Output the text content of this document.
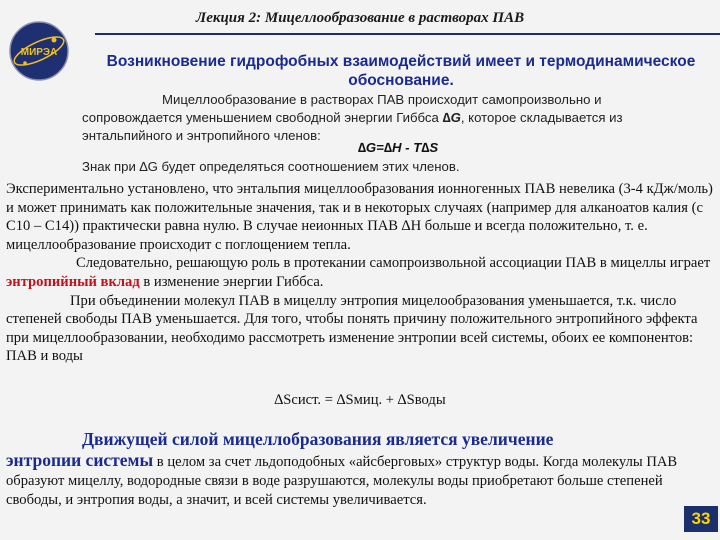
Лекция 2: Мицеллообразование в растворах ПАВ
МИРЭА
Возникновение гидрофобных взаимодействий имеет и термодинамическое
обоснование.
Мицеллообразование в растворах ПАВ происходит самопроизвольно и
сопровождается уменьшением свободной энергии Гиббса ∆G, которое складывается из
энтальпийного и энтропийного членов:
∆G=∆H - T∆S
Знак при ∆G будет определяться соотношением этих членов.
Экспериментально установлено, что энтальпия мицеллообразования ионногенных ПАВ невелика (3-4 кДж/моль) и может принимать как положительные значения, так и в некоторых случаях (например для алканоатов калия (с С10 – С14)) практически равна нулю. В случае неионных ПАВ ∆H больше и всегда положительно, т. е. мицеллообразование происходит с поглощением тепла.
Следовательно, решающую роль в протекании самопроизвольной ассоциации ПАВ в мицеллы играет энтропийный вклад в изменение энергии Гиббса.
При объединении молекул ПАВ в мицеллу энтропия мицелообразования уменьшается, т.к. число степеней свободы ПАВ уменьшается. Для того, чтобы понять причину положительного энтропийного эффекта при мицеллообразовании, необходимо рассмотреть изменение энтропии всей системы, обоих ее компонентов: ПАВ и воды
∆Sсист. = ∆Sмиц. + ∆Sводы
Движущей силой мицеллобразования является увеличение
энтропии системы в целом за счет льдоподобных «айсберговых» структур воды. Когда молекулы ПАВ образуют мицеллу, водородные связи в воде разрушаются, молекулы воды приобретают больше степеней свободы, и энтропия воды, а значит, и всей системы увеличивается.
33
